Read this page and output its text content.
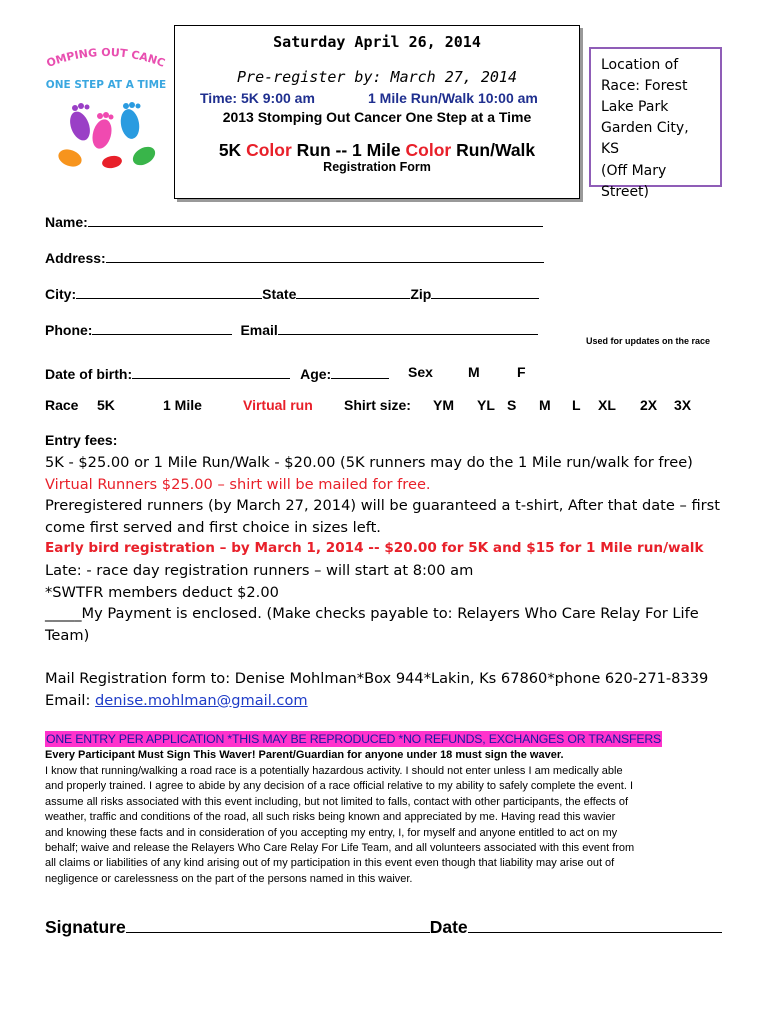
OMPING OUT CANC
ONE STEP AT A TIME
Saturday April 26, 2014
Pre-register by: March 27, 2014
Time: 5K 9:00 am	1 Mile Run/Walk 10:00 am
2013 Stomping Out Cancer One Step at a Time
5K Color Run -- 1 Mile Color Run/Walk
Registration Form
Location of
Race: Forest
Lake Park
Garden City, KS
(Off Mary
Street)
Name:
Address:
City:	State	Zip
Phone:	Email
Used for updates on the race
Date of birth:	Age:	Sex	M	F
Race 5K	1 Mile	Virtual run Shirt size: YM YL S M L XL 2X 3X
Entry fees:
5K - $25.00 or 1 Mile Run/Walk - $20.00 (5K runners may do the 1 Mile run/walk for free)
Virtual Runners $25.00 – shirt will be mailed for free.
Preregistered runners (by March 27, 2014) will be guaranteed a t-shirt, After that date – first
come first served and first choice in sizes left.
Early bird registration – by March 1, 2014 -- $20.00 for 5K and $15 for 1 Mile run/walk
Late: - race day registration runners – will start at 8:00 am
*SWTFR members deduct $2.00
_____My Payment is enclosed. (Make checks payable to: Relayers Who Care Relay For Life
Team)
Mail Registration form to: Denise Mohlman*Box 944*Lakin, Ks 67860*phone 620-271-8339
Email: denise.mohlman@gmail.com
ONE ENTRY PER APPLICATION *THIS MAY BE REPRODUCED *NO REFUNDS, EXCHANGES OR TRANSFERS
Every Participant Must Sign This Waver! Parent/Guardian for anyone under 18 must sign the waver.
I know that running/walking a road race is a potentially hazardous activity. I should not enter unless I am medically able
and properly trained. I agree to abide by any decision of a race official relative to my ability to safely complete the event. I
assume all risks associated with this event including, but not limited to falls, contact with other participants, the effects of
weather, traffic and conditions of the road, all such risks being known and appreciated by me. Having read this wavier
and knowing these facts and in consideration of you accepting my entry, I, for myself and anyone entitled to act on my
behalf; waive and release the Relayers Who Care Relay For Life Team, and all volunteers associated with this event from
all claims or liabilities of any kind arising out of my participation in this event even though that liability may arise out of
negligence or carelessness on the part of the persons named in this waiver.
Signature	Date
